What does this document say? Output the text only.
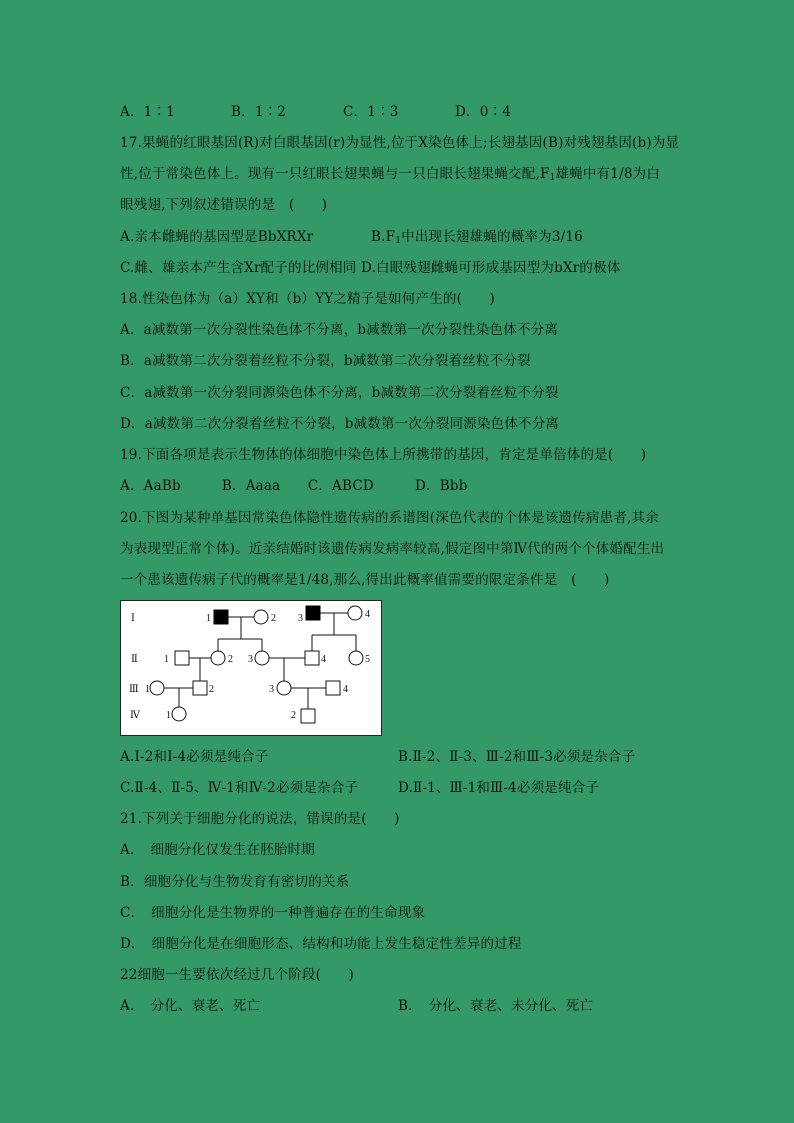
A．1∶1	B．1∶2	C．1∶3	D．0∶4
17.果蝇的红眼基因(R)对白眼基因(r)为显性,位于X染色体上;长翅基因(B)对残翅基因(b)为显
性,位于常染色体上。现有一只红眼长翅果蝇与一只白眼长翅果蝇交配$,F_1$雄蝇中有1/8为白
眼残翅,下列叙述错误的是　(　　)
A.亲本雌蝇的基因型是BbXRXr	$B.F_1$中出现长翅雄蝇的概率为3/16
C.雌、雄亲本产生含Xr配子的比例相同 D.白眼残翅雌蝇可形成基因型为bXr的极体
18.性染色体为（a）XY和（b）YY之精子是如何产生的(　　)
A．a减数第一次分裂性染色体不分离，b减数第一次分裂性染色体不分离
B．a减数第二次分裂着丝粒不分裂，b减数第二次分裂着丝粒不分裂
C．a减数第一次分裂同源染色体不分离，b减数第二次分裂着丝粒不分裂
D．a减数第二次分裂着丝粒不分裂，b减数第一次分裂同源染色体不分离
19.下面各项是表示生物体的体细胞中染色体上所携带的基因，肯定是单倍体的是(　　)
A．AaBb　　　B．Aaaa　　C．ABCD　　　D．Bbb
20.下图为某种单基因常染色体隐性遗传病的系谱图(深色代表的个体是该遗传病患者,其余
为表现型正常个体)。近亲结婚时该遗传病发病率较高,假定图中第Ⅳ代的两个个体婚配生出
一个患该遗传病子代的概率是1/48,那么,得出此概率值需要的限定条件是　(　　)
Ⅰ
Ⅱ
Ⅲ
Ⅳ
1	2 3	4
1	2 3	4	5
1	2	3	4
1	2
A.Ⅰ-2和Ⅰ-4必须是纯合子	B.Ⅱ-2、Ⅱ-3、Ⅲ-2和Ⅲ-3必须是杂合子
C.Ⅱ-4、Ⅱ-5、Ⅳ-1和Ⅳ-2必须是杂合子	D.Ⅱ-1、Ⅲ-1和Ⅲ-4必须是纯合子
21.下列关于细胞分化的说法，错误的是(　　)
A．　细胞分化仅发生在胚胎时期
B．细胞分化与生物发育有密切的关系
C．　细胞分化是生物界的一种普遍存在的生命现象
D．　细胞分化是在细胞形态、结构和功能上发生稳定性差异的过程
22细胞一生要依次经过几个阶段(　　)
A．　分化、衰老、死亡	B．　分化、衰老、未分化、死亡
